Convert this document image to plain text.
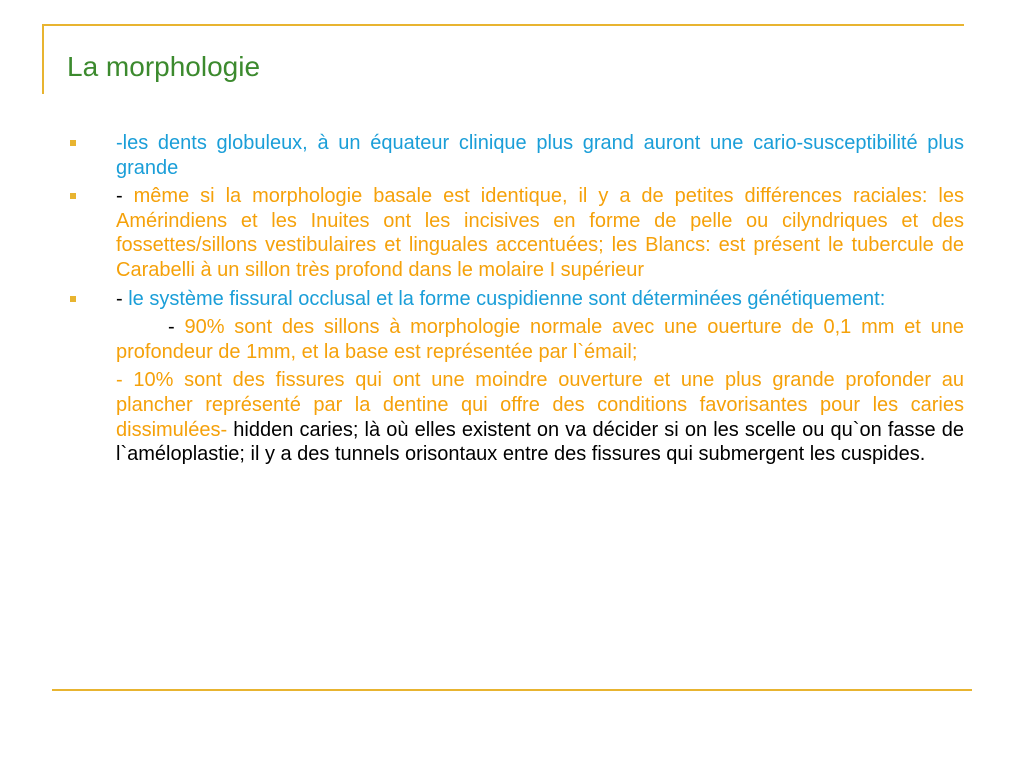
La morphologie
-les dents globuleux, à un équateur clinique plus grand auront une cario-susceptibilité plus grande
- même si la morphologie basale est identique, il y a de petites différences raciales: les Amérindiens et les Inuites ont les incisives en forme de pelle ou cilyndriques et des fossettes/sillons vestibulaires et linguales accentuées; les Blancs: est présent le tubercule de Carabelli à un sillon très profond dans le molaire I supérieur
- le système fissural occlusal et la forme cuspidienne sont déterminées génétiquement:
- 90% sont des sillons à morphologie normale avec une ouerture de 0,1 mm et une profondeur de 1mm, et la base est représentée par l`émail;
- 10% sont des fissures qui ont une moindre ouverture et une plus grande profonder au plancher représenté par la dentine qui offre des conditions favorisantes pour les caries dissimulées- hidden caries; là où elles existent on va décider si on les scelle ou qu`on fasse de l`améloplastie; il y a des tunnels orisontaux entre des fissures qui submergent les cuspides.
